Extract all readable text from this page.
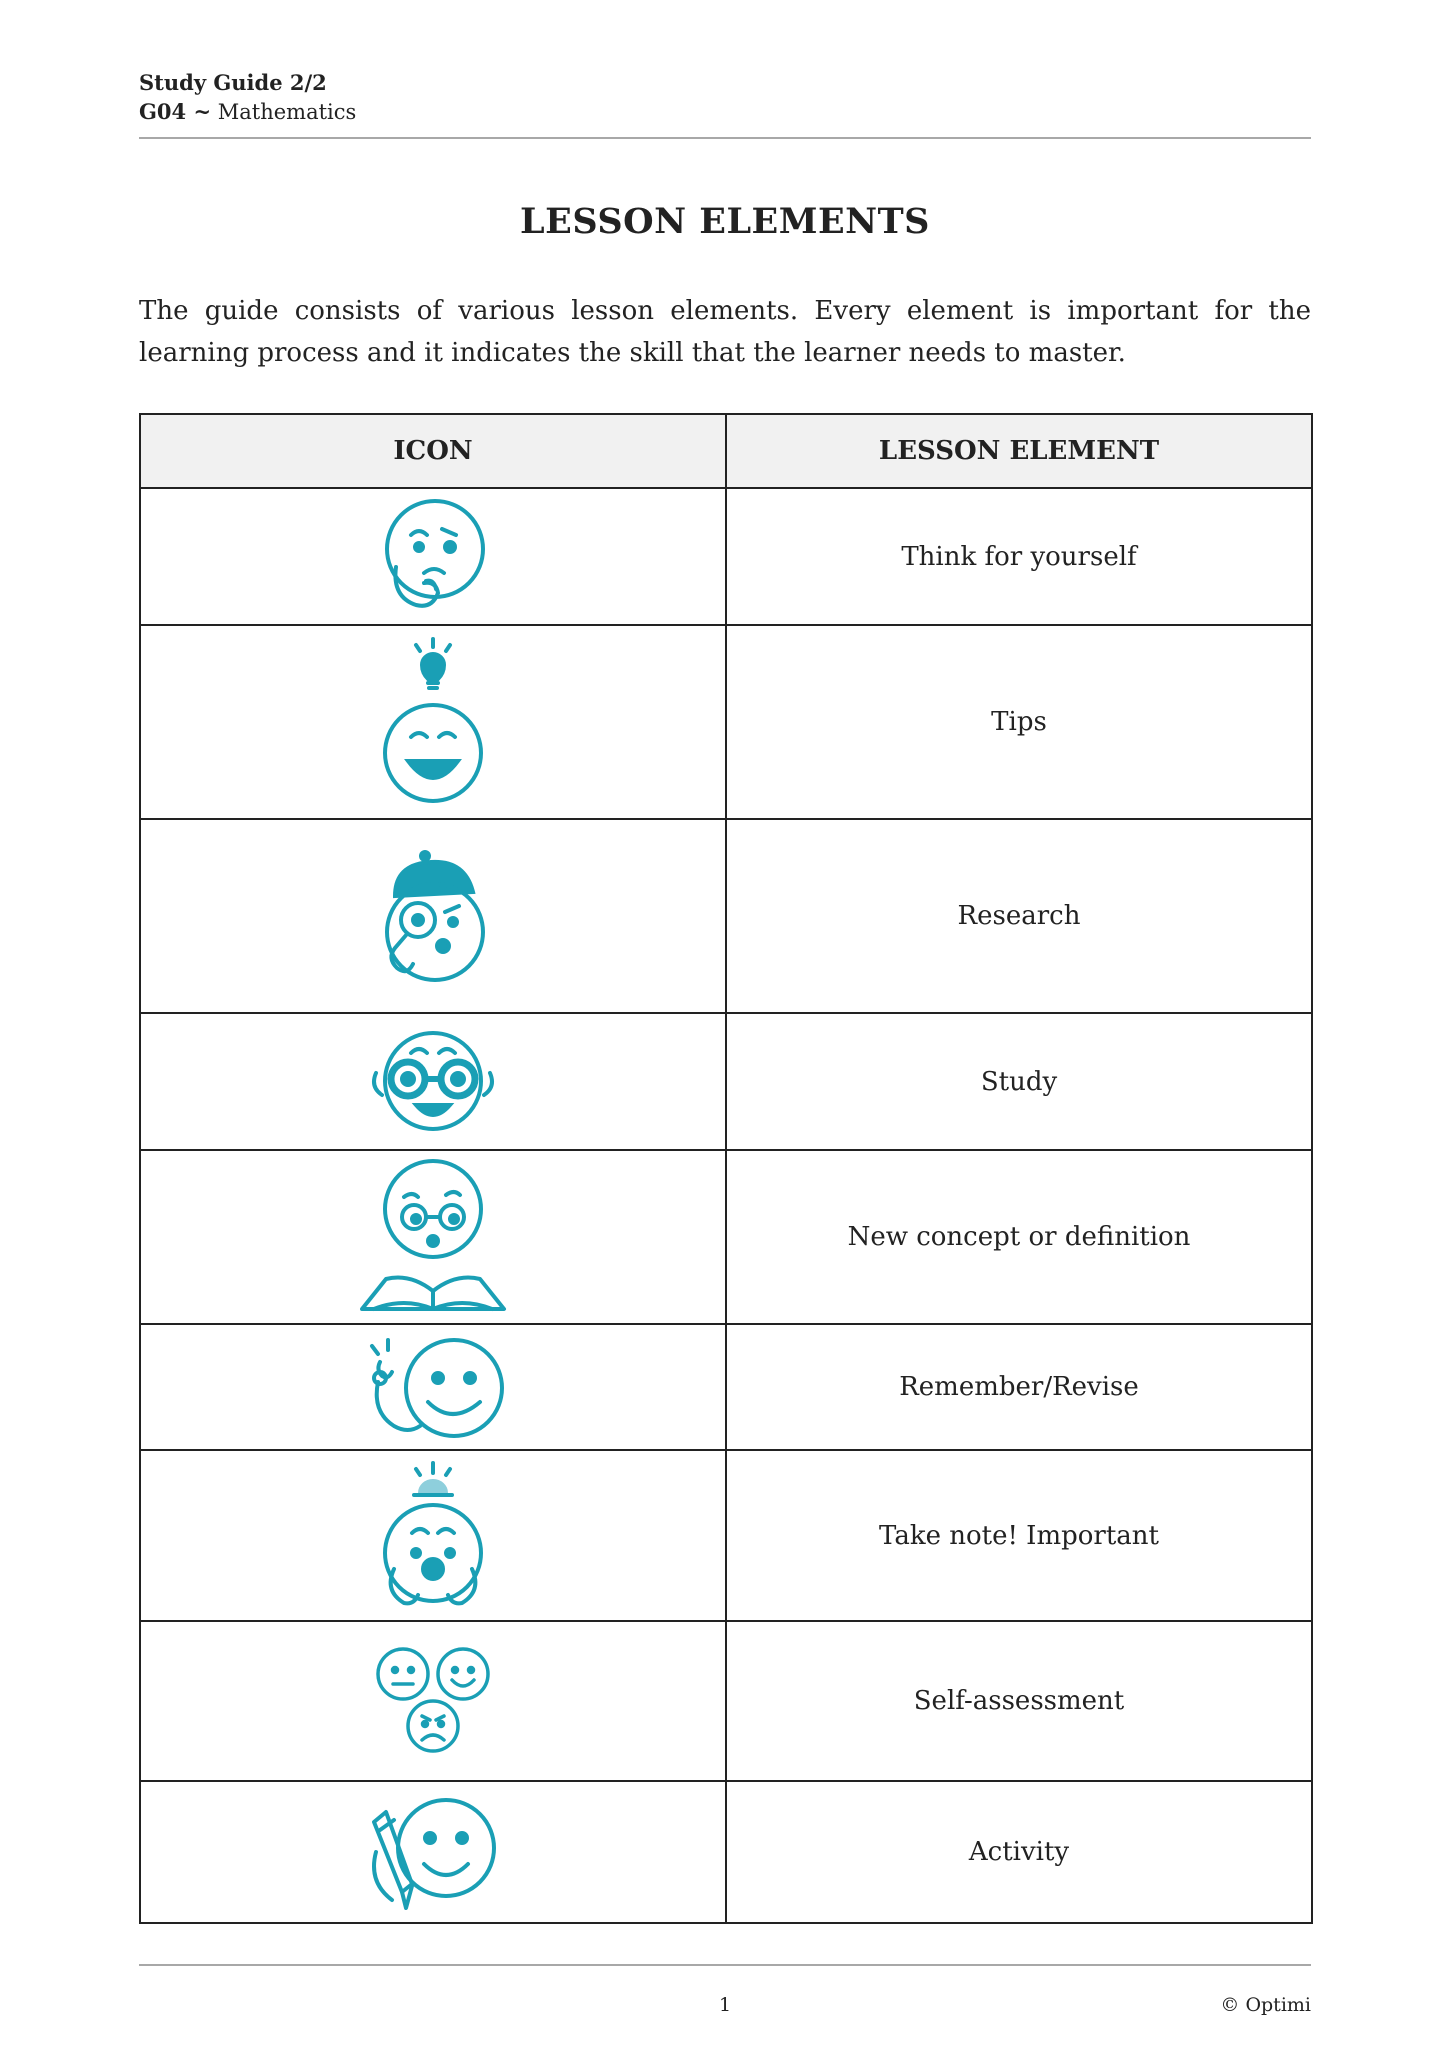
Study Guide 2/2
G04 ~ Mathematics
LESSON ELEMENTS
The guide consists of various lesson elements. Every element is important for the learning process and it indicates the skill that the learner needs to master.
ICON	LESSON ELEMENT

	Think for yourself

	Tips

	Research

	Study

	New concept or definition

	Remember/Revise

	Take note! Important

	Self-assessment

	Activity
1	© Optimi
